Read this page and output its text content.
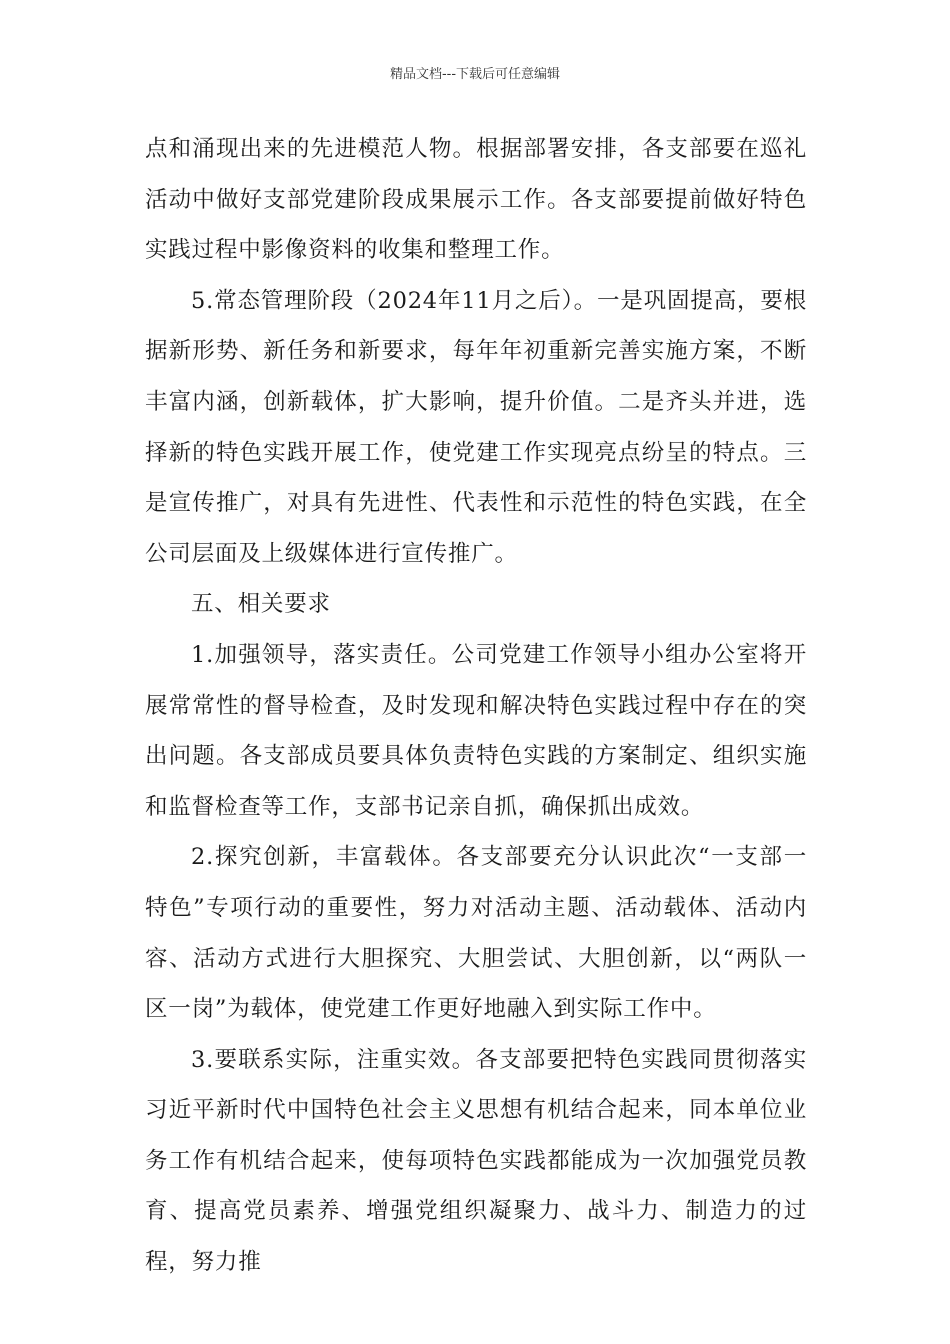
精品文档---下载后可任意编辑

点和涌现出来的先进模范人物。根据部署安排，各支部要在巡礼活动中做好支部党建阶段成果展示工作。各支部要提前做好特色实践过程中影像资料的收集和整理工作。

5.常态管理阶段（2024年11月之后）。一是巩固提高，要根据新形势、新任务和新要求，每年年初重新完善实施方案，不断丰富内涵，创新载体，扩大影响，提升价值。二是齐头并进，选择新的特色实践开展工作，使党建工作实现亮点纷呈的特点。三是宣传推广，对具有先进性、代表性和示范性的特色实践，在全公司层面及上级媒体进行宣传推广。

五、相关要求

1.加强领导，落实责任。公司党建工作领导小组办公室将开展常常性的督导检查，及时发现和解决特色实践过程中存在的突出问题。各支部成员要具体负责特色实践的方案制定、组织实施和监督检查等工作，支部书记亲自抓，确保抓出成效。

2.探究创新，丰富载体。各支部要充分认识此次“一支部一特色”专项行动的重要性，努力对活动主题、活动载体、活动内容、活动方式进行大胆探究、大胆尝试、大胆创新，以“两队一区一岗”为载体，使党建工作更好地融入到实际工作中。

3.要联系实际，注重实效。各支部要把特色实践同贯彻落实习近平新时代中国特色社会主义思想有机结合起来，同本单位业务工作有机结合起来，使每项特色实践都能成为一次加强党员教育、提高党员素养、增强党组织凝聚力、战斗力、制造力的过程，努力推
